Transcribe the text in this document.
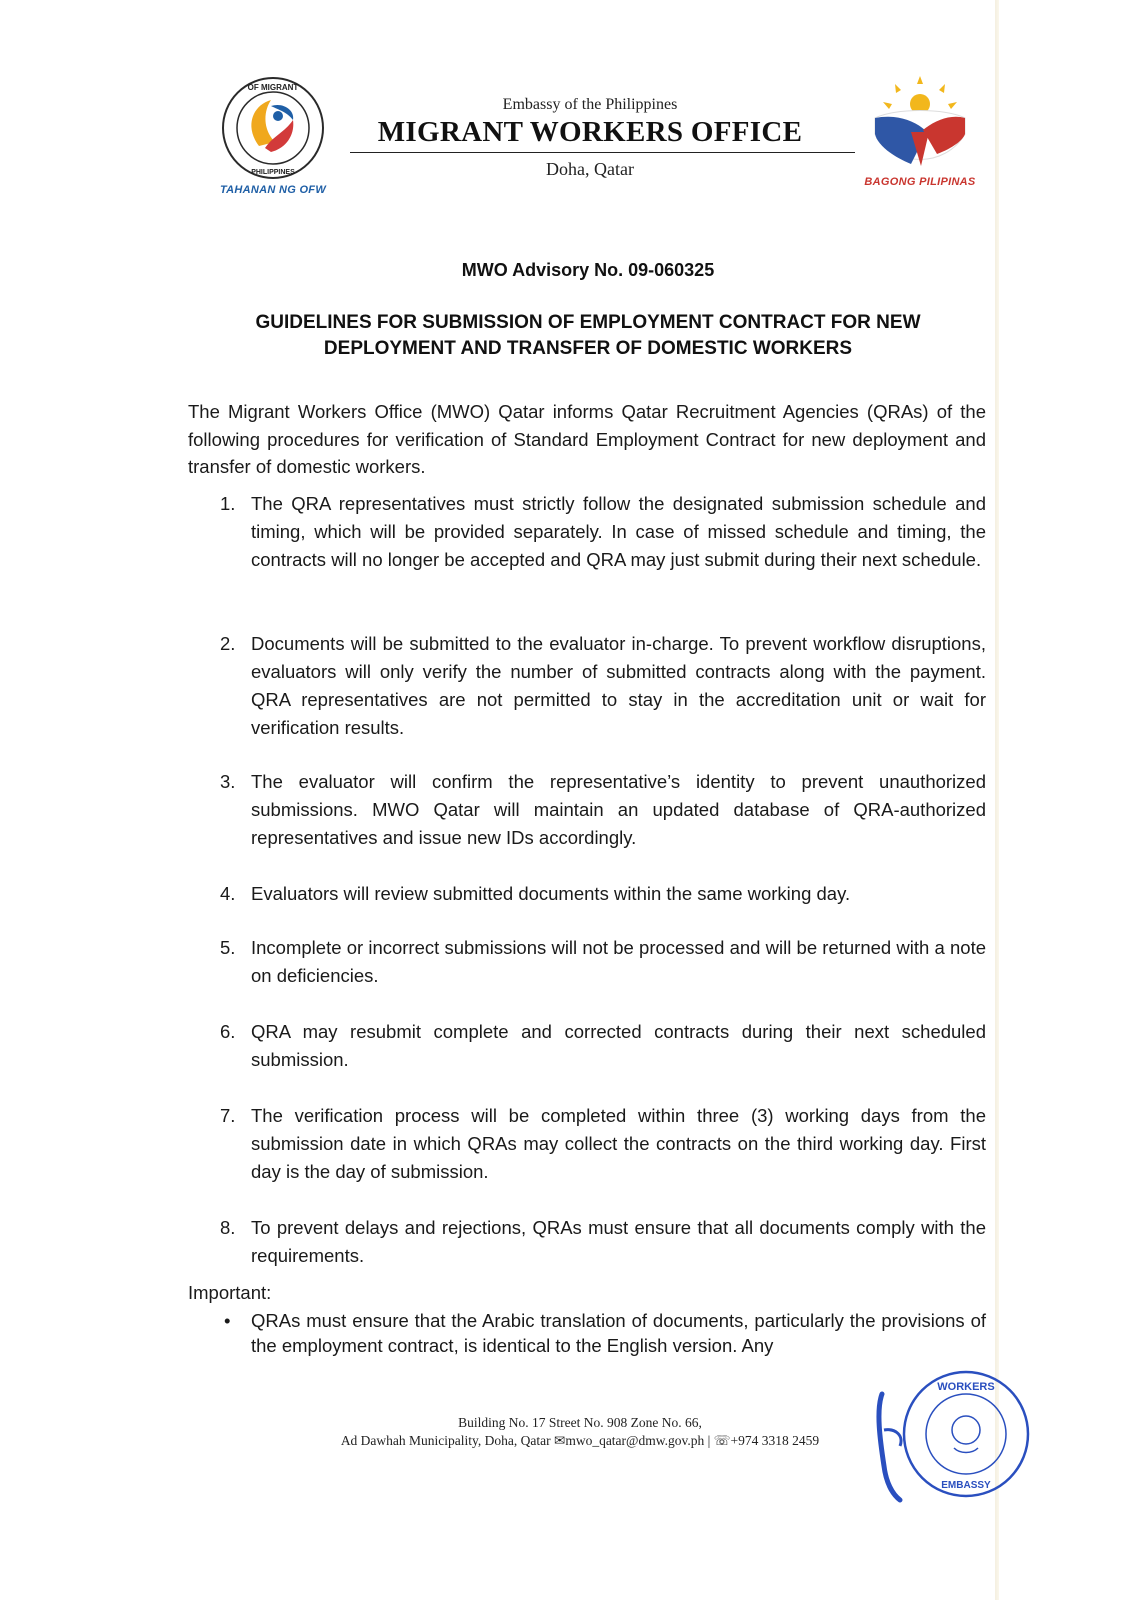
OF MIGRANT
PHILIPPINES
TAHANAN NG OFW
Embassy of the Philippines
MIGRANT WORKERS OFFICE
Doha, Qatar
BAGONG PILIPINAS
MWO Advisory No. 09-060325
GUIDELINES FOR SUBMISSION OF EMPLOYMENT CONTRACT FOR NEW DEPLOYMENT AND TRANSFER OF DOMESTIC WORKERS
The Migrant Workers Office (MWO) Qatar informs Qatar Recruitment Agencies (QRAs) of the following procedures for verification of Standard Employment Contract for new deployment and transfer of domestic workers.
1. The QRA representatives must strictly follow the designated submission schedule and timing, which will be provided separately. In case of missed schedule and timing, the contracts will no longer be accepted and QRA may just submit during their next schedule.
2. Documents will be submitted to the evaluator in-charge. To prevent workflow disruptions, evaluators will only verify the number of submitted contracts along with the payment. QRA representatives are not permitted to stay in the accreditation unit or wait for verification results.
3. The evaluator will confirm the representative’s identity to prevent unauthorized submissions. MWO Qatar will maintain an updated database of QRA-authorized representatives and issue new IDs accordingly.
4. Evaluators will review submitted documents within the same working day.
5. Incomplete or incorrect submissions will not be processed and will be returned with a note on deficiencies.
6. QRA may resubmit complete and corrected contracts during their next scheduled submission.
7. The verification process will be completed within three (3) working days from the submission date in which QRAs may collect the contracts on the third working day. First day is the day of submission.
8. To prevent delays and rejections, QRAs must ensure that all documents comply with the requirements.
Important:
• QRAs must ensure that the Arabic translation of documents, particularly the provisions of the employment contract, is identical to the English version. Any
Building No. 17 Street No. 908 Zone No. 66,
Ad Dawhah Municipality, Doha, Qatar ✉mwo_qatar@dmw.gov.ph | ☏+974 3318 2459
WORKERS
EMBASSY
